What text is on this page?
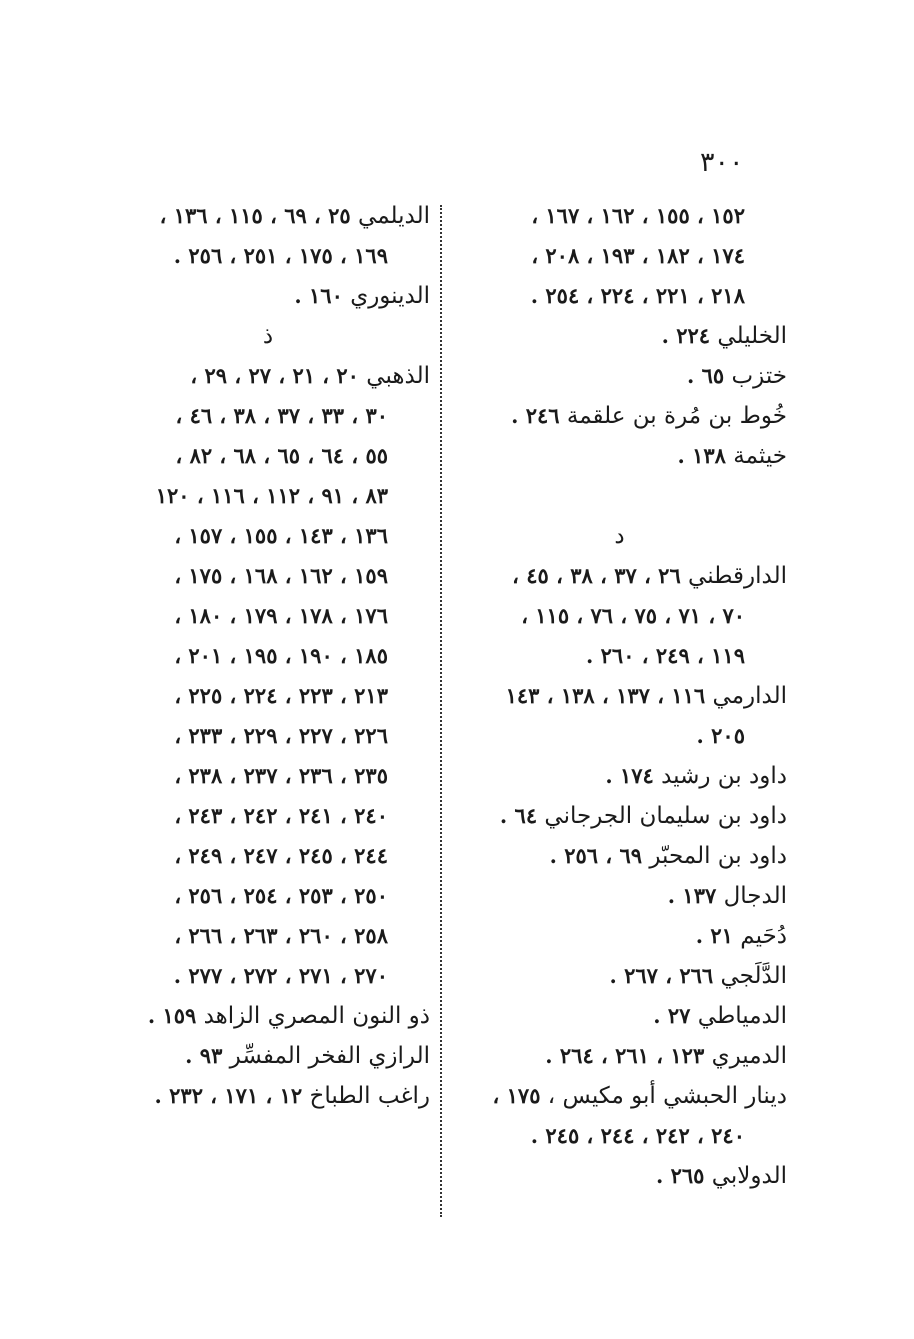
٣٠٠
١٥٢ ، ١٥٥ ، ١٦٢ ، ١٦٧ ،
١٧٤ ، ١٨٢ ، ١٩٣ ، ٢٠٨ ،
٢١٨ ، ٢٢١ ، ٢٢٤ ، ٢٥٤ .
الخليلي ٢٢٤ .
ختزب ٦٥ .
خُوط بن مُرة بن علقمة ٢٤٦ .
خيثمة ١٣٨ .
د
الدارقطني ٢٦ ، ٣٧ ، ٣٨ ، ٤٥ ،
٧٠ ، ٧١ ، ٧٥ ، ٧٦ ، ١١٥ ،
١١٩ ، ٢٤٩ ، ٢٦٠ .
الدارمي ١١٦ ، ١٣٧ ، ١٣٨ ، ١٤٣
٢٠٥ .
داود بن رشيد ١٧٤ .
داود بن سليمان الجرجاني ٦٤ .
داود بن المحبّر ٦٩ ، ٢٥٦ .
الدجال ١٣٧ .
دُحَيم ٢١ .
الدَّلَجي ٢٦٦ ، ٢٦٧ .
الدمياطي ٢٧ .
الدميري ١٢٣ ، ٢٦١ ، ٢٦٤ .
دينار الحبشي أبو مكيس ، ١٧٥ ،
٢٤٠ ، ٢٤٢ ، ٢٤٤ ، ٢٤٥ .
الدولابي ٢٦٥ .
الديلمي ٢٥ ، ٦٩ ، ١١٥ ، ١٣٦ ،
١٦٩ ، ١٧٥ ، ٢٥١ ، ٢٥٦ .
الدينوري ١٦٠ .
ذ
الذهبي ٢٠ ، ٢١ ، ٢٧ ، ٢٩ ،
٣٠ ، ٣٣ ، ٣٧ ، ٣٨ ، ٤٦ ،
٥٥ ، ٦٤ ، ٦٥ ، ٦٨ ، ٨٢ ،
٨٣ ، ٩١ ، ١١٢ ، ١١٦ ، ١٢٠
١٣٦ ، ١٤٣ ، ١٥٥ ، ١٥٧ ،
١٥٩ ، ١٦٢ ، ١٦٨ ، ١٧٥ ،
١٧٦ ، ١٧٨ ، ١٧٩ ، ١٨٠ ،
١٨٥ ، ١٩٠ ، ١٩٥ ، ٢٠١ ،
٢١٣ ، ٢٢٣ ، ٢٢٤ ، ٢٢٥ ،
٢٢٦ ، ٢٢٧ ، ٢٢٩ ، ٢٣٣ ،
٢٣٥ ، ٢٣٦ ، ٢٣٧ ، ٢٣٨ ،
٢٤٠ ، ٢٤١ ، ٢٤٢ ، ٢٤٣ ،
٢٤٤ ، ٢٤٥ ، ٢٤٧ ، ٢٤٩ ،
٢٥٠ ، ٢٥٣ ، ٢٥٤ ، ٢٥٦ ،
٢٥٨ ، ٢٦٠ ، ٢٦٣ ، ٢٦٦ ،
٢٧٠ ، ٢٧١ ، ٢٧٢ ، ٢٧٧ .
ذو النون المصري الزاهد ١٥٩ .
الرازي الفخر المفسِّر ٩٣ .
راغب الطباخ ١٢ ، ١٧١ ، ٢٣٢ .
